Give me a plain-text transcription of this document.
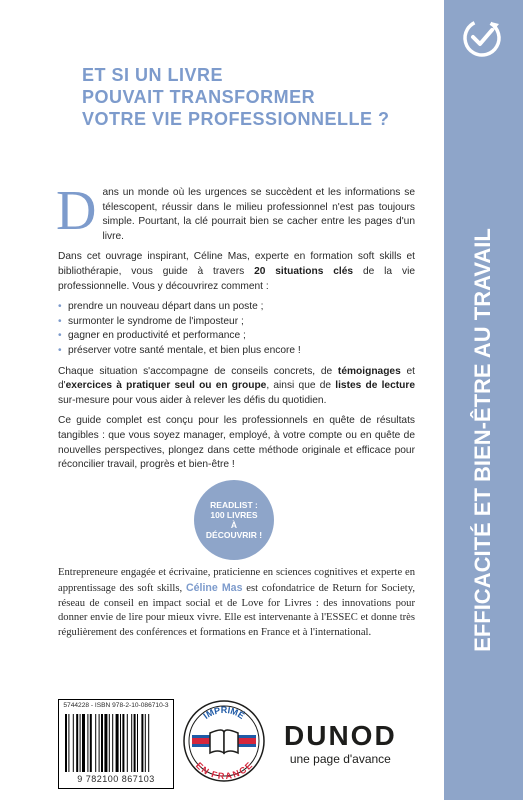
EFFICACITÉ ET BIEN-ÊTRE AU TRAVAIL
ET SI UN LIVRE
POUVAIT TRANSFORMER
VOTRE VIE PROFESSIONNELLE ?

Dans un monde où les urgences se succèdent et les informations se télescopent, réussir dans le milieu professionnel n'est pas toujours simple. Pourtant, la clé pourrait bien se cacher entre les pages d'un livre.

Dans cet ouvrage inspirant, Céline Mas, experte en formation soft skills et bibliothérapie, vous guide à travers 20 situations clés de la vie professionnelle. Vous y découvrirez comment :

• prendre un nouveau départ dans un poste ;
• surmonter le syndrome de l'imposteur ;
• gagner en productivité et performance ;
• préserver votre santé mentale, et bien plus encore !

Chaque situation s'accompagne de conseils concrets, de témoignages et d'exercices à pratiquer seul ou en groupe, ainsi que de listes de lecture sur-mesure pour vous aider à relever les défis du quotidien.

Ce guide complet est conçu pour les professionnels en quête de résultats tangibles : que vous soyez manager, employé, à votre compte ou en quête de nouvelles perspectives, plongez dans cette méthode originale et efficace pour réconcilier travail, progrès et bien-être !

READLIST :
100 LIVRES
À
DÉCOUVRIR !
Entrepreneure engagée et écrivaine, praticienne en sciences cognitives et experte en apprentissage des soft skills, Céline Mas est cofondatrice de Return for Society, réseau de conseil en impact social et de Love for Livres : des innovations pour donner envie de lire pour mieux vivre. Elle est intervenante à l'ESSEC et donne très régulièrement des conférences et formations en France et à l'international.
5744228 - ISBN 978-2-10-086710-3
9 782100 867103
IMPRIMÉ
EN FRANCE
DUNOD
une page d'avance
